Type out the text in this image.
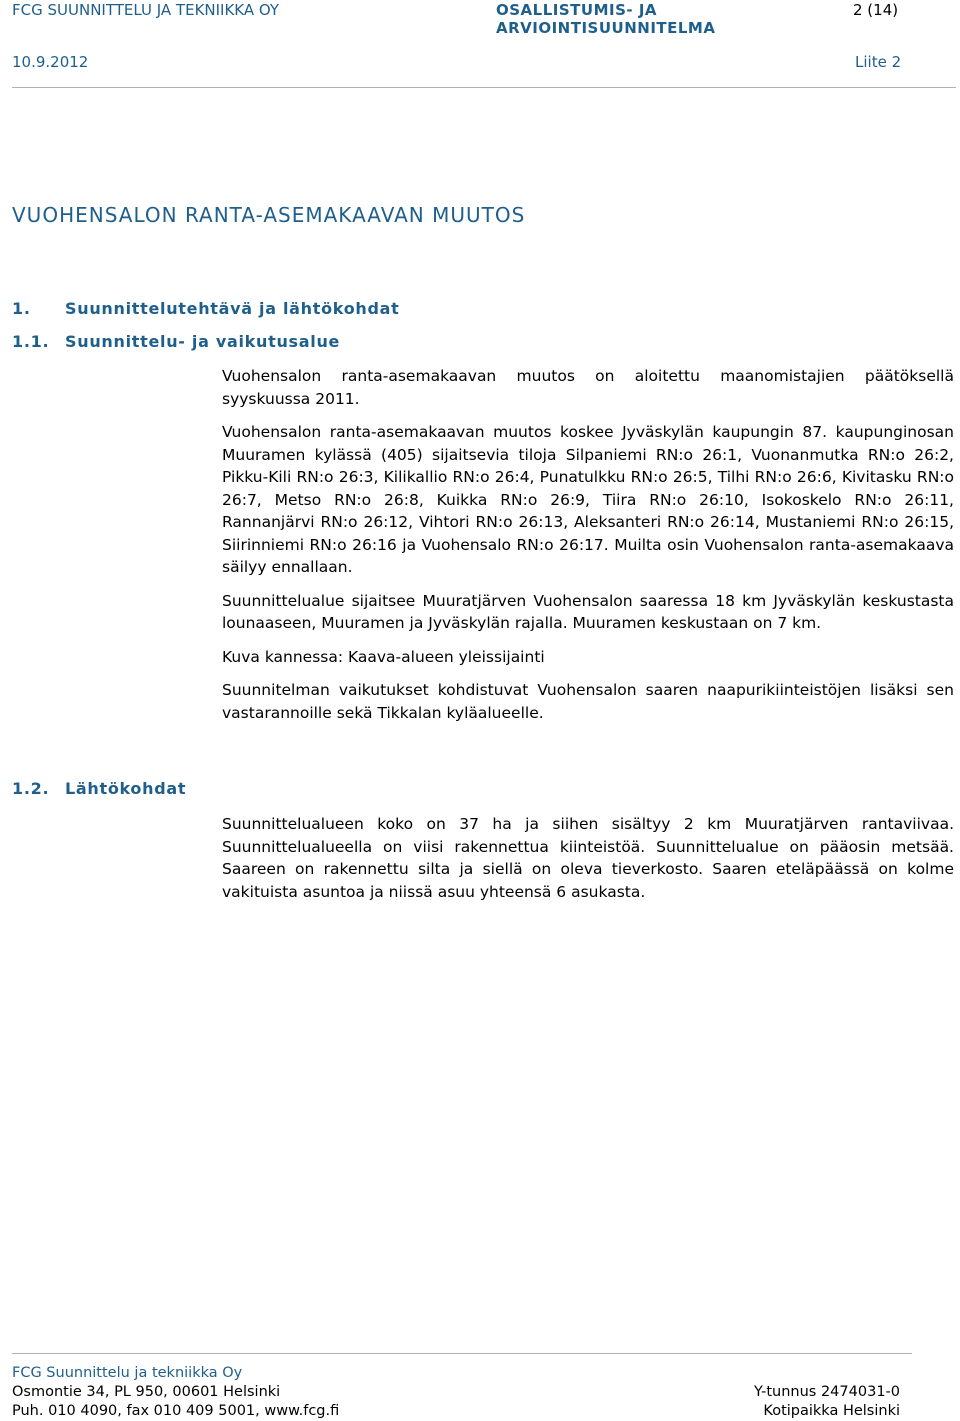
FCG SUUNNITTELU JA TEKNIIKKA OY	OSALLISTUMIS- JA
ARVIOINTISUUNNITELMA
2 (14)
10.9.2012	Liite 2
VUOHENSALON RANTA-ASEMAKAAVAN MUUTOS
1. Suunnittelutehtävä ja lähtökohdat
1.1. Suunnittelu- ja vaikutusalue

Vuohensalon ranta-asemakaavan muutos on aloitettu maanomistajien päätöksellä syyskuussa 2011.

Vuohensalon ranta-asemakaavan muutos koskee Jyväskylän kaupungin 87. kaupunginosan Muuramen kylässä (405) sijaitsevia tiloja Silpaniemi RN:o 26:1, Vuonanmutka RN:o 26:2, Pikku-Kili RN:o 26:3, Kilikallio RN:o 26:4, Punatulkku RN:o 26:5, Tilhi RN:o 26:6, Kivitasku RN:o 26:7, Metso RN:o 26:8, Kuikka RN:o 26:9, Tiira RN:o 26:10, Isokoskelo RN:o 26:11, Rannanjärvi RN:o 26:12, Vihtori RN:o 26:13, Aleksanteri RN:o 26:14, Mustaniemi RN:o 26:15, Siirinniemi RN:o 26:16 ja Vuohensalo RN:o 26:17. Muilta osin Vuohensalon ranta-asemakaava säilyy ennallaan.

Suunnittelualue sijaitsee Muuratjärven Vuohensalon saaressa 18 km Jyväskylän keskustasta lounaaseen, Muuramen ja Jyväskylän rajalla. Muuramen keskustaan on 7 km.

Kuva kannessa: Kaava-alueen yleissijainti

Suunnitelman vaikutukset kohdistuvat Vuohensalon saaren naapurikiinteistöjen lisäksi sen vastarannoille sekä Tikkalan kyläalueelle.

1.2. Lähtökohdat

Suunnittelualueen koko on 37 ha ja siihen sisältyy 2 km Muuratjärven rantaviivaa. Suunnittelualueella on viisi rakennettua kiinteistöä. Suunnittelualue on pääosin metsää. Saareen on rakennettu silta ja siellä on oleva tieverkosto. Saaren eteläpäässä on kolme vakituista asuntoa ja niissä asuu yhteensä 6 asukasta.

FCG Suunnittelu ja tekniikka Oy
Osmontie 34, PL 950, 00601 Helsinki
Puh. 010 4090, fax 010 409 5001, www.fcg.fi
Y-tunnus 2474031-0
Kotipaikka Helsinki
